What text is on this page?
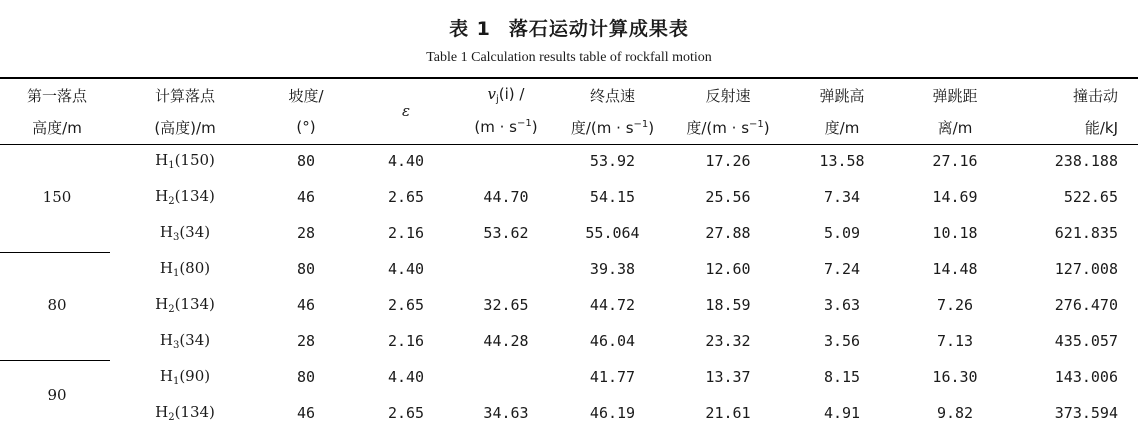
表 1 落石运动计算成果表
Table 1 Calculation results table of rockfall motion
第一落点	计算落点	坡度/	ε	$v_j(i)$ /	终点速	反射速	弹跳高	弹跳距	撞击动
高度/m	(高度)/m	(°)		$(m \cdot s^{-1})$	度$/(m \cdot s^{-1})$	度$/(m \cdot s^{-1})$	度/m	离/m	能/kJ
150	$H_1(150)$	80	4.40		53.92	17.26	13.58	27.16	238.188
	$H_2(134)$	46	2.65	44.70	54.15	25.56	7.34	14.69	522.65
	$H_3(34)$	28	2.16	53.62	55.064	27.88	5.09	10.18	621.835
80	$H_1(80)$	80	4.40		39.38	12.60	7.24	14.48	127.008
	$H_2(134)$	46	2.65	32.65	44.72	18.59	3.63	7.26	276.470
	$H_3(34)$	28	2.16	44.28	46.04	23.32	3.56	7.13	435.057
90	$H_1(90)$	80	4.40		41.77	13.37	8.15	16.30	143.006
	$H_2(134)$	46	2.65	34.63	46.19	21.61	4.91	9.82	373.594
